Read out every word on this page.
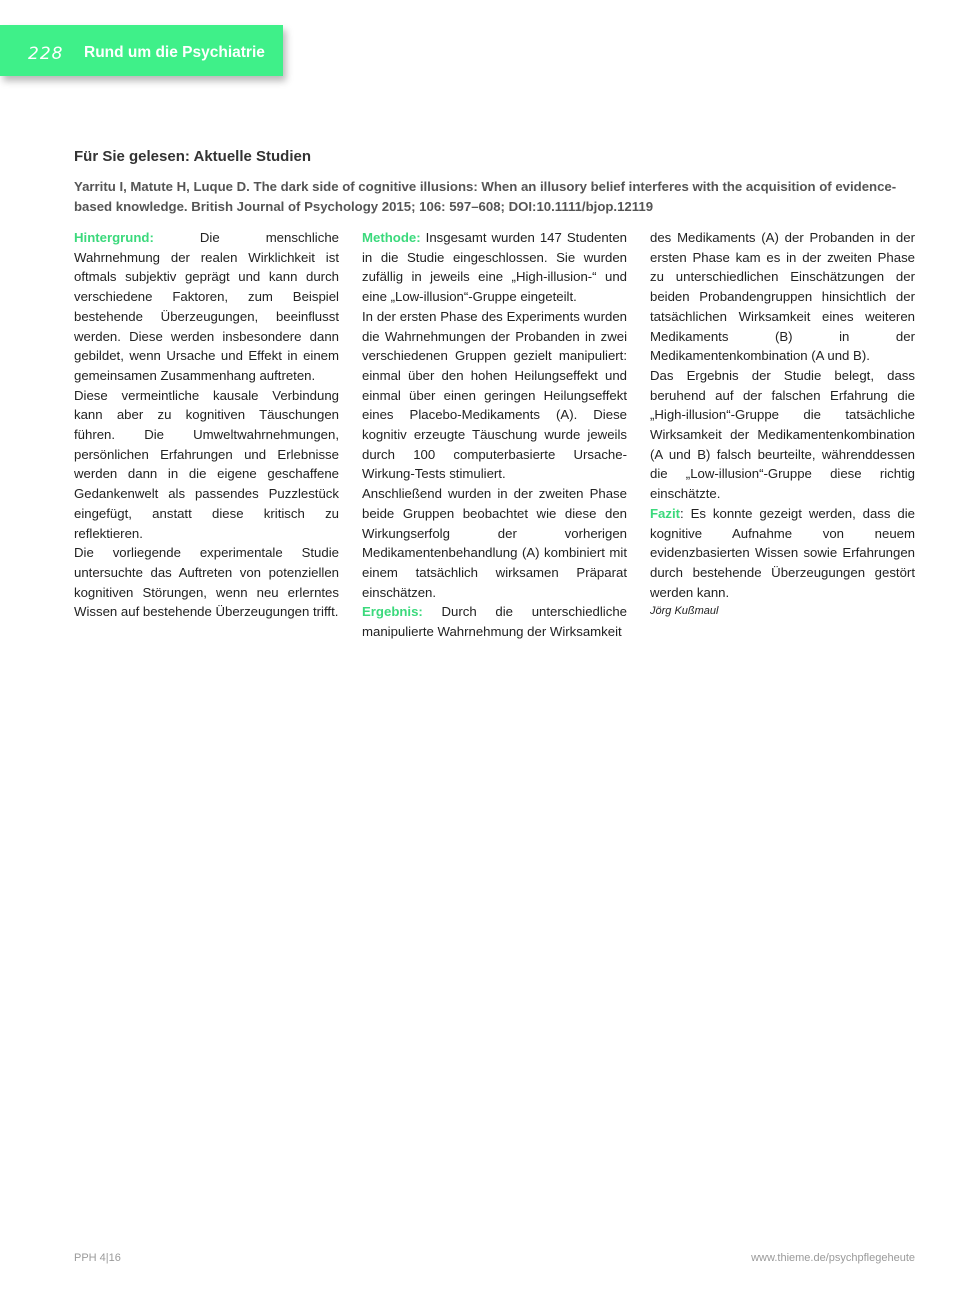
228 Rund um die Psychiatrie
Für Sie gelesen: Aktuelle Studien
Yarritu I, Matute H, Luque D. The dark side of cognitive illusions: When an illusory belief interferes with the acquisition of evidence-based knowledge. British Journal of Psychology 2015; 106: 597–608; DOI:10.1111/bjop.12119

Hintergrund:	Die menschliche Wahrnehmung der realen Wirklichkeit ist oftmals subjektiv geprägt und kann durch verschiedene Faktoren, zum Beispiel bestehende Überzeugungen, beeinflusst werden. Diese werden insbesondere dann gebildet, wenn Ursache und Effekt in einem gemeinsamen Zusammenhang auftreten.

Diese vermeintliche kausale Verbindung kann aber zu kognitiven Täuschungen führen. Die Umweltwahrnehmungen, persönlichen Erfahrungen und Erlebnisse werden dann in die eigene geschaffene Gedankenwelt als passendes Puzzlestück eingefügt, anstatt diese kritisch zu reflektieren.

Die vorliegende experimentale Studie untersuchte das Auftreten von potenziellen kognitiven Störungen, wenn neu erlerntes Wissen auf bestehende Überzeugungen trifft.

Methode: Insgesamt wurden 147 Studenten in die Studie eingeschlossen. Sie wurden zufällig in jeweils eine „High-illusion-“ und eine „Low-illusion“-Gruppe eingeteilt.

In der ersten Phase des Experiments wurden die Wahrnehmungen der Probanden in zwei verschiedenen Gruppen gezielt manipuliert: einmal über den hohen Heilungseffekt und einmal über einen geringen Heilungseffekt eines Placebo-Medikaments (A). Diese kognitiv erzeugte Täuschung wurde jeweils durch 100 computerbasierte Ursache-Wirkung-Tests stimuliert.

Anschließend wurden in der zweiten Phase beide Gruppen beobachtet wie diese den Wirkungserfolg der vorherigen Medikamentenbehandlung (A) kombiniert mit einem tatsächlich wirksamen Präparat einschätzen.

Ergebnis: Durch die unterschiedliche manipulierte Wahrnehmung der Wirksamkeit

des Medikaments (A) der Probanden in der ersten Phase kam es in der zweiten Phase zu unterschiedlichen Einschätzungen der beiden Probandengruppen hinsichtlich der tatsächlichen Wirksamkeit eines weiteren Medikaments (B) in der Medikamentenkombination (A und B).

Das Ergebnis der Studie belegt, dass beruhend auf der falschen Erfahrung die „High-illusion“-Gruppe die tatsächliche Wirksamkeit der Medikamentenkombination (A und B) falsch beurteilte, währenddessen die „Low-illusion“-Gruppe diese richtig einschätzte.

Fazit: Es konnte gezeigt werden, dass die kognitive Aufnahme von neuem evidenzbasierten Wissen sowie Erfahrungen durch bestehende Überzeugungen gestört werden kann.

Jörg Kußmaul

PPH 4|16	www.thieme.de/psychpflegeheute
